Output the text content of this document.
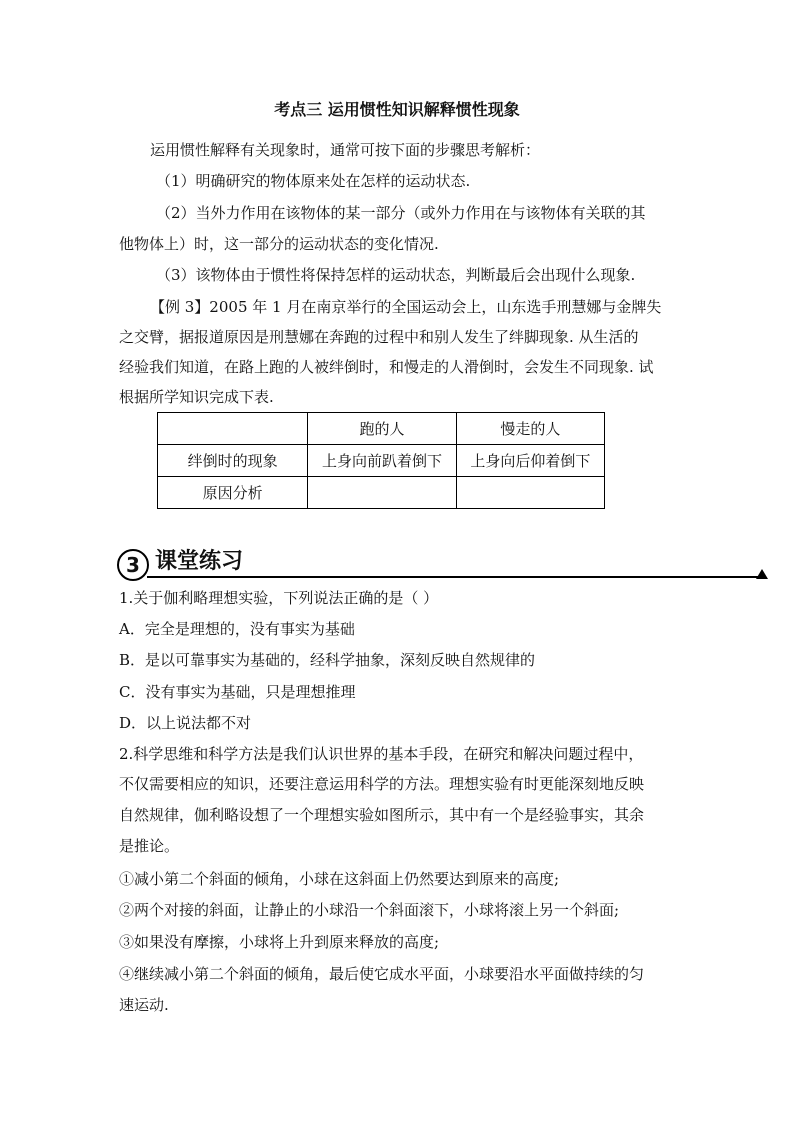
考点三 运用惯性知识解释惯性现象
运用惯性解释有关现象时，通常可按下面的步骤思考解析：
（1）明确研究的物体原来处在怎样的运动状态.
（2）当外力作用在该物体的某一部分（或外力作用在与该物体有关联的其
他物体上）时，这一部分的运动状态的变化情况.
（3）该物体由于惯性将保持怎样的运动状态，判断最后会出现什么现象.
【例 3】2005 年 1 月在南京举行的全国运动会上，山东选手刑慧娜与金牌失
之交臂，据报道原因是刑慧娜在奔跑的过程中和别人发生了绊脚现象. 从生活的
经验我们知道，在路上跑的人被绊倒时，和慢走的人滑倒时，会发生不同现象. 试
根据所学知识完成下表.
	跑的人	慢走的人
绊倒时的现象	上身向前趴着倒下	上身向后仰着倒下
原因分析		
3 课堂练习
1.关于伽利略理想实验，下列说法正确的是（ ）
A．完全是理想的，没有事实为基础
B．是以可靠事实为基础的，经科学抽象，深刻反映自然规律的
C．没有事实为基础，只是理想推理
D．以上说法都不对
2.科学思维和科学方法是我们认识世界的基本手段，在研究和解决问题过程中，
不仅需要相应的知识，还要注意运用科学的方法。理想实验有时更能深刻地反映
自然规律，伽利略设想了一个理想实验如图所示，其中有一个是经验事实，其余
是推论。
①减小第二个斜面的倾角，小球在这斜面上仍然要达到原来的高度;
②两个对接的斜面，让静止的小球沿一个斜面滚下，小球将滚上另一个斜面;
③如果没有摩擦，小球将上升到原来释放的高度;
④继续减小第二个斜面的倾角，最后使它成水平面，小球要沿水平面做持续的匀
速运动.
